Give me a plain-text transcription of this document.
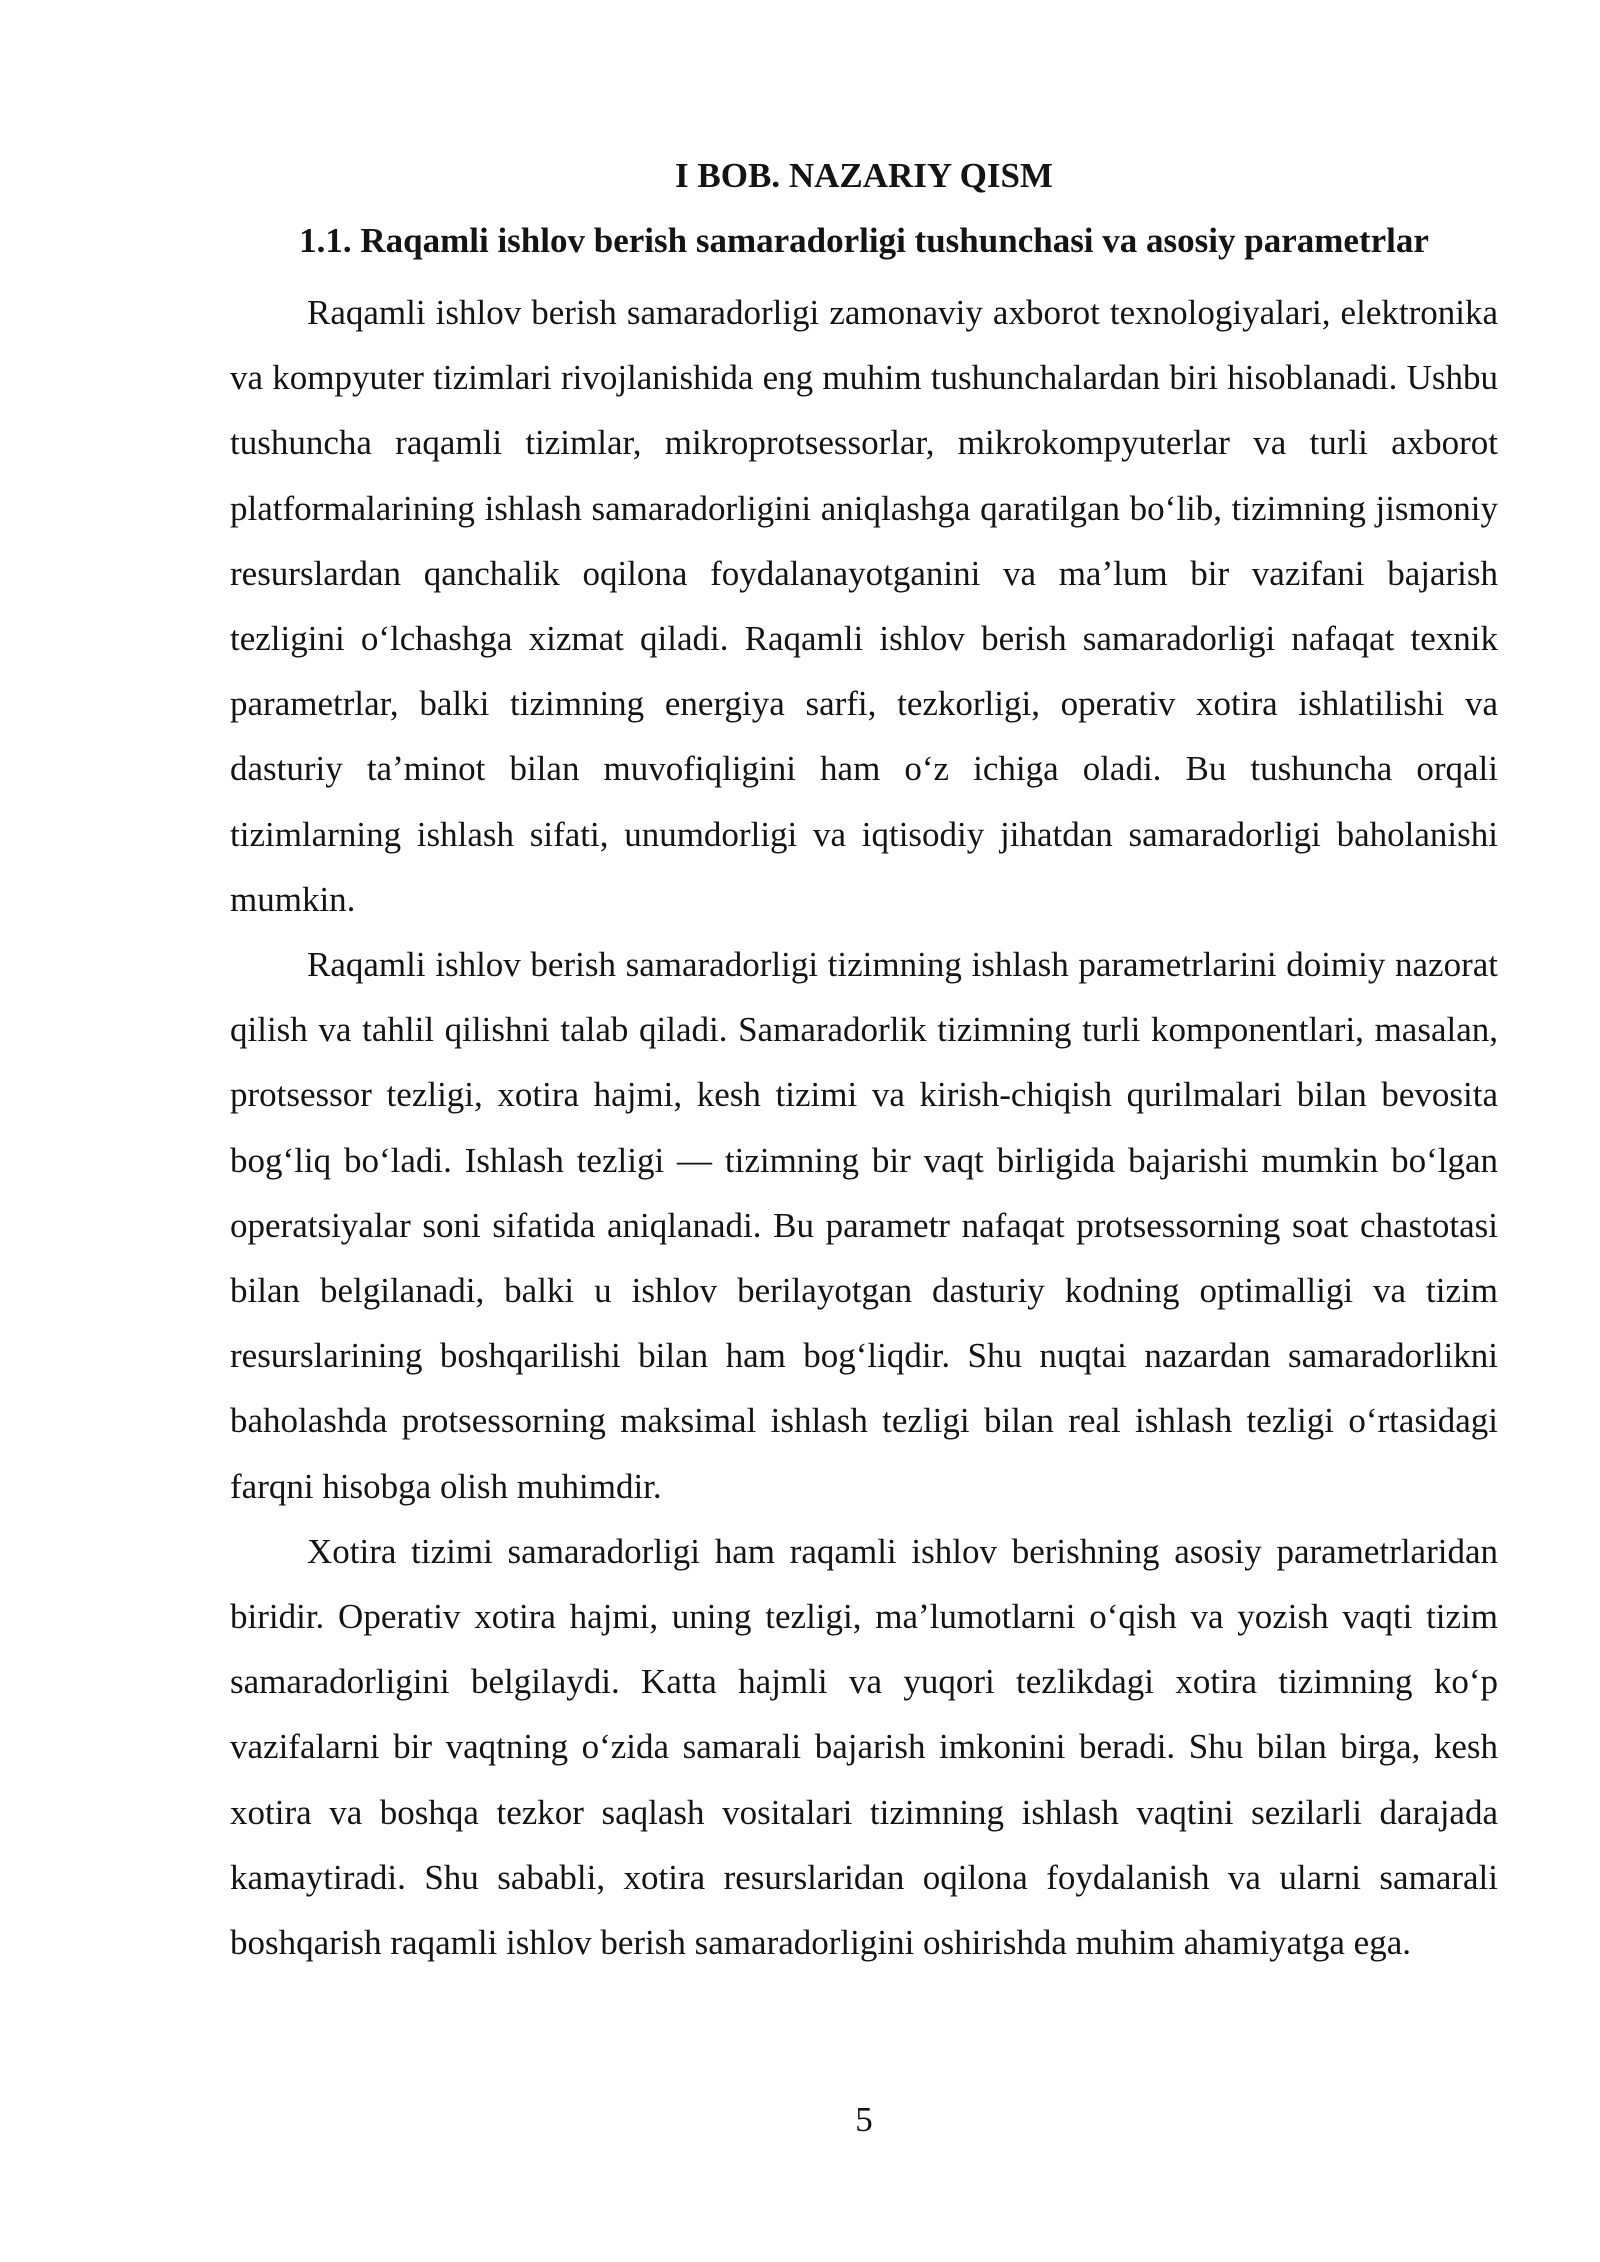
I BOB. NAZARIY QISM
1.1. Raqamli ishlov berish samaradorligi tushunchasi va asosiy parametrlar

Raqamli ishlov berish samaradorligi zamonaviy axborot texnologiyalari, elektronika va kompyuter tizimlari rivojlanishida eng muhim tushunchalardan biri hisoblanadi. Ushbu tushuncha raqamli tizimlar, mikroprotsessorlar, mikrokompyuterlar va turli axborot platformalarining ishlash samaradorligini aniqlashga qaratilgan boʻlib, tizimning jismoniy resurslardan qanchalik oqilona foydalanayotganini va maʼlum bir vazifani bajarish tezligini oʻlchashga xizmat qiladi. Raqamli ishlov berish samaradorligi nafaqat texnik parametrlar, balki tizimning energiya sarfi, tezkorligi, operativ xotira ishlatilishi va dasturiy taʼminot bilan muvofiqligini ham oʻz ichiga oladi. Bu tushuncha orqali tizimlarning ishlash sifati, unumdorligi va iqtisodiy jihatdan samaradorligi baholanishi mumkin.

Raqamli ishlov berish samaradorligi tizimning ishlash parametrlarini doimiy nazorat qilish va tahlil qilishni talab qiladi. Samaradorlik tizimning turli komponentlari, masalan, protsessor tezligi, xotira hajmi, kesh tizimi va kirish-chiqish qurilmalari bilan bevosita bogʻliq boʻladi. Ishlash tezligi — tizimning bir vaqt birligida bajarishi mumkin boʻlgan operatsiyalar soni sifatida aniqlanadi. Bu parametr nafaqat protsessorning soat chastotasi bilan belgilanadi, balki u ishlov berilayotgan dasturiy kodning optimalligi va tizim resurslarining boshqarilishi bilan ham bogʻliqdir. Shu nuqtai nazardan samaradorlikni baholashda protsessorning maksimal ishlash tezligi bilan real ishlash tezligi oʻrtasidagi farqni hisobga olish muhimdir.

Xotira tizimi samaradorligi ham raqamli ishlov berishning asosiy parametrlaridan biridir. Operativ xotira hajmi, uning tezligi, maʼlumotlarni oʻqish va yozish vaqti tizim samaradorligini belgilaydi. Katta hajmli va yuqori tezlikdagi xotira tizimning koʻp vazifalarni bir vaqtning oʻzida samarali bajarish imkonini beradi. Shu bilan birga, kesh xotira va boshqa tezkor saqlash vositalari tizimning ishlash vaqtini sezilarli darajada kamaytiradi. Shu sababli, xotira resurslaridan oqilona foydalanish va ularni samarali boshqarish raqamli ishlov berish samaradorligini oshirishda muhim ahamiyatga ega.

5
